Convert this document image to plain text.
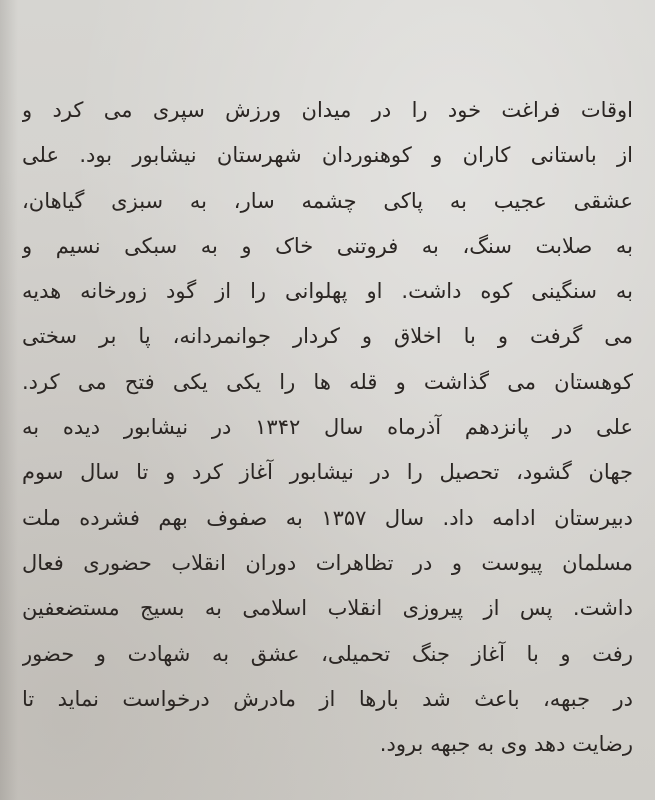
اوقات فراغت خود را در میدان ورزش سپری می کرد و
از باستانی کاران و کوهنوردان شهرستان نیشابور بود. علی
عشقی عجیب به پاکی چشمه سار، به سبزی گیاهان،
به صلابت سنگ، به فروتنی خاک و به سبکی نسیم و
به سنگینی کوه داشت. او پهلوانی را از گود زورخانه هدیه
می گرفت و با اخلاق و کردار جوانمردانه، پا بر سختی
کوهستان می گذاشت و قله ها را یکی یکی فتح می کرد.
علی در پانزدهم آذرماه سال ۱۳۴۲ در نیشابور دیده به
جهان گشود، تحصیل را در نیشابور آغاز کرد و تا سال سوم
دبیرستان ادامه داد. سال ۱۳۵۷ به صفوف بهم فشرده ملت
مسلمان پیوست و در تظاهرات دوران انقلاب حضوری فعال
داشت. پس از پیروزی انقلاب اسلامی به بسیج مستضعفین
رفت و با آغاز جنگ تحمیلی، عشق به شهادت و حضور
در جبهه، باعث شد بارها از مادرش درخواست نماید تا
رضایت دهد وی به جبهه برود.
